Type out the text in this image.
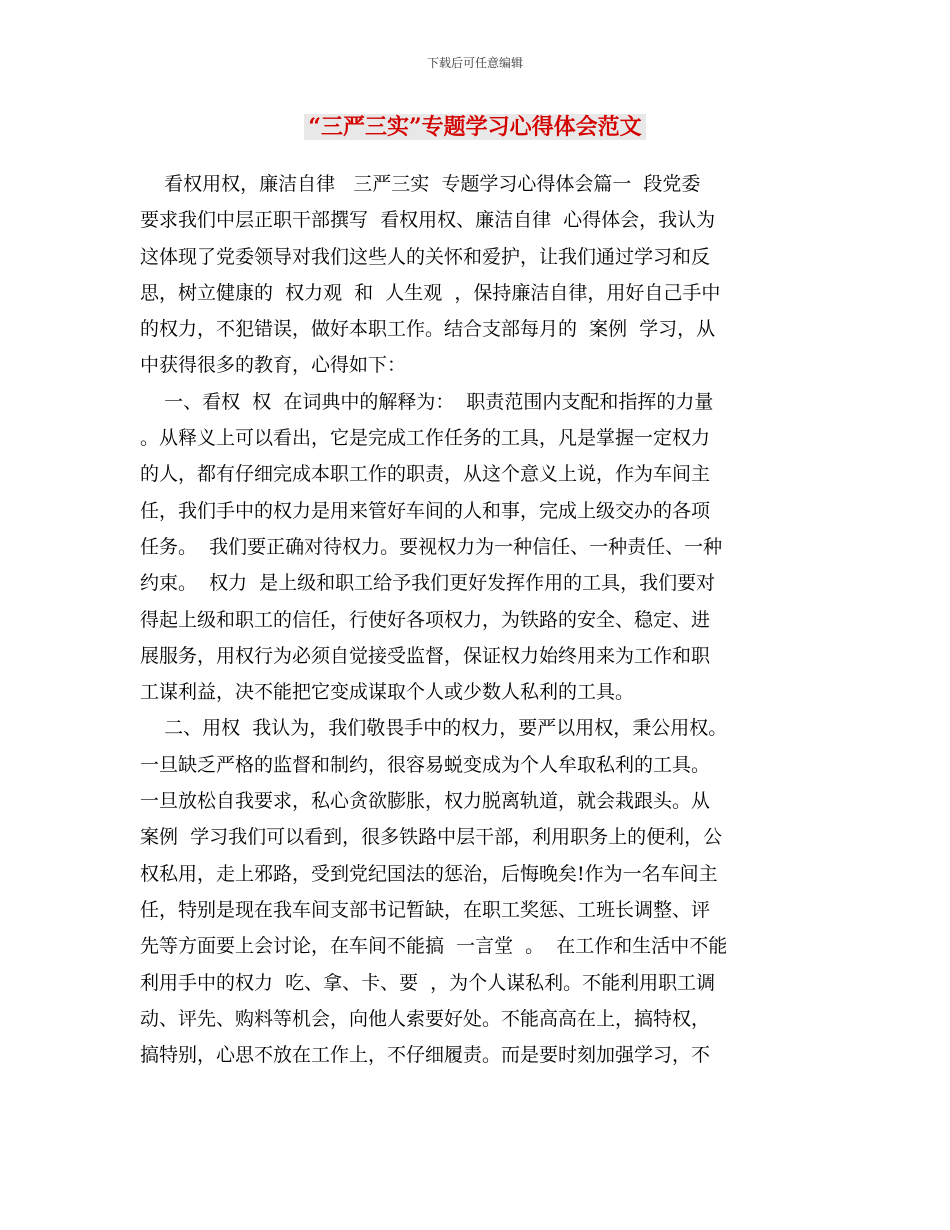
下载后可任意编辑
“三严三实”专题学习心得体会范文
看权用权，廉洁自律   三严三实  专题学习心得体会篇一  段党委
要求我们中层正职干部撰写  看权用权、廉洁自律  心得体会，我认为
这体现了党委领导对我们这些人的关怀和爱护，让我们通过学习和反
思，树立健康的  权力观  和  人生观  ，保持廉洁自律，用好自己手中
的权力，不犯错误，做好本职工作。结合支部每月的  案例  学习，从
中获得很多的教育，心得如下：
一、看权  权  在词典中的解释为：  职责范围内支配和指挥的力量
。从释义上可以看出，它是完成工作任务的工具，凡是掌握一定权力
的人，都有仔细完成本职工作的职责，从这个意义上说，作为车间主
任，我们手中的权力是用来管好车间的人和事，完成上级交办的各项
任务。  我们要正确对待权力。要视权力为一种信任、一种责任、一种
约束。  权力  是上级和职工给予我们更好发挥作用的工具，我们要对
得起上级和职工的信任，行使好各项权力，为铁路的安全、稳定、进
展服务，用权行为必须自觉接受监督，保证权力始终用来为工作和职
工谋利益，决不能把它变成谋取个人或少数人私利的工具。
二、用权  我认为，我们敬畏手中的权力，要严以用权，秉公用权。
一旦缺乏严格的监督和制约，很容易蜕变成为个人牟取私利的工具。
一旦放松自我要求，私心贪欲膨胀，权力脱离轨道，就会栽跟头。从
案例  学习我们可以看到，很多铁路中层干部，利用职务上的便利，公
权私用，走上邪路，受到党纪国法的惩治，后悔晚矣!作为一名车间主
任，特别是现在我车间支部书记暂缺，在职工奖惩、工班长调整、评
先等方面要上会讨论，在车间不能搞  一言堂  。  在工作和生活中不能
利用手中的权力  吃、拿、卡、要  ，为个人谋私利。不能利用职工调
动、评先、购料等机会，向他人索要好处。不能高高在上，搞特权，
搞特别，心思不放在工作上，不仔细履责。而是要时刻加强学习，不
